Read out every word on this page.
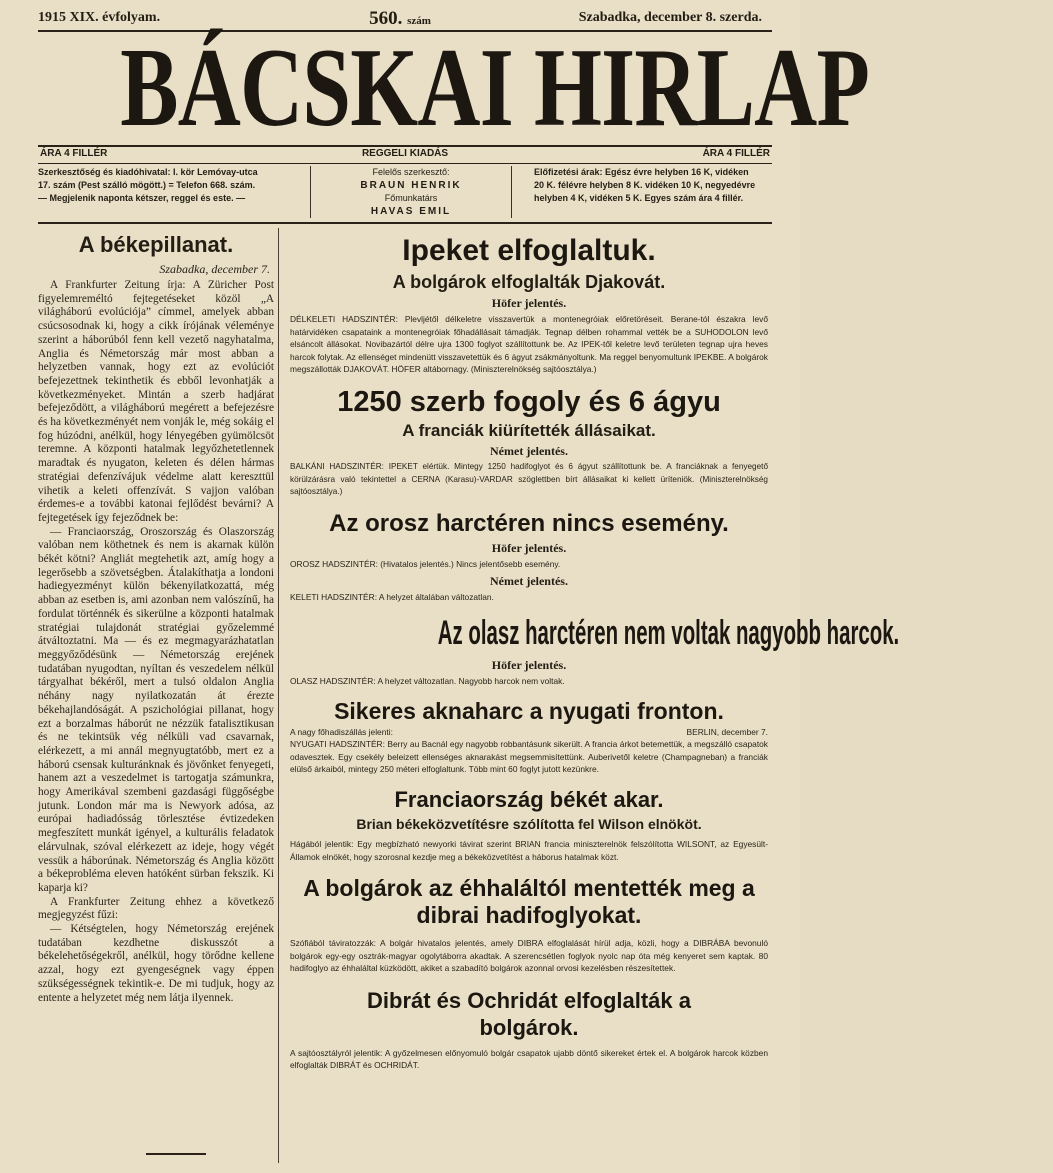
1915 XIX. évfolyam.	560. szám	Szabadka, december 8. szerda.
BÁCSKAI HIRLAP
ÁRA 4 FILLÉR	REGGELI KIADÁS	ÁRA 4 FILLÉR
Szerkesztőség és kiadóhivatal: I. kör Lemóvay-utca
17. szám (Pest szálló mögött.) = Telefon 668. szám.
— Megjelenik naponta kétszer, reggel és este. —
Felelős szerkesztő:
BRAUN HENRIK
Főmunkatárs
HAVAS EMIL
Előfizetési árak: Egész évre helyben 16 K, vidéken
20 K. félévre helyben 8 K. vidéken 10 K, negyedévre
helyben 4 K, vidéken 5 K. Egyes szám ára 4 fillér.
A békepillanat.
Szabadka, december 7.

A Frankfurter Zeitung írja: A Züricher Post figyelemreméltó fejtegetéseket közöl „A világháború evolúciója” címmel, amelyek abban csúcsosodnak ki, hogy a cikk írójának véleménye szerint a háborúból fenn kell vezető nagyhatalma, Anglia és Németország már most abban a helyzetben vannak, hogy ezt az evolúciót befejezettnek tekinthetik és ebből levonhatják a következményeket. Mintán a szerb hadjárat befejeződött, a világháború megérett a befejezésre és ha következményét nem vonják le, még sokáig el fog húzódni, anélkül, hogy lényegében gyümölcsöt teremne. A központi hatalmak legyőzhetetlennek maradtak és nyugaton, keleten és délen hármas stratégiai defenzívájuk védelme alatt kereszttül vihetik a keleti offenzívát. S vajjon valóban érdemes-e a további katonai fejlődést bevárni? A fejtegetések így fejeződnek be:

— Franciaország, Oroszország és Olaszország valóban nem köthetnek és nem is akarnak külön békét kötni? Angliát megtehetik azt, amíg hogy a legerősebb a szövetségben. Átalakíthatja a londoni hadiegyezményt külön békenyilatkozattá, még abban az esetben is, ami azonban nem valószínű, ha fordulat történnék és sikerülne a központi hatalmak stratégiai tulajdonát stratégiai győzelemmé átváltoztatni. Ma — és ez megmagyarázhatatlan meggyőződésünk — Németország erejének tudatában nyugodtan, nyíltan és veszedelem nélkül tárgyalhat békéről, mert a tulsó oldalon Anglia néhány nagy nyilatkozatán át érezte békehajlandóságát. A pszichológiai pillanat, hogy ezt a borzalmas háborút ne nézzük fatalisztikusan és ne tekintsük vég nélküli vad csavarnak, elérkezett, a mi annál megnyugtatóbb, mert ez a háború csensak kulturánknak és jövőnket fenyegeti, hanem azt a veszedelmet is tartogatja számunkra, hogy Amerikával szembeni gazdasági függőségbe jutunk. London már ma is Newyork adósa, az európai hadiadósság törlesztése évtizedeken megfeszített munkát igényel, a kulturális feladatok elárvulnak, szóval elérkezett az ideje, hogy végét vessük a háborúnak. Németország és Anglia között a békeprobléma eleven hatóként sürban fekszik. Ki kaparja ki?

A Frankfurter Zeitung ehhez a következő megjegyzést fűzi:

— Kétségtelen, hogy Németország erejének tudatában kezdhetne diskusszót a békelehetőségekről, anélkül, hogy törődne kellene azzal, hogy ezt gyengeségnek vagy éppen szükségességnek tekintik-e. De mi tudjuk, hogy az entente a helyzetet még nem látja ilyennek.

Ipeket elfoglaltuk.
A bolgárok elfoglalták Djakovát.
Höfer jelentés.
DÉLKELETI HADSZINTÉR: Plevljétől délkeletre visszavertük a montenegróiak előretöréseit. Berane-tól északra levő határvidéken csapataink a montenegróiak főhadállásait támadják. Tegnap délben rohammal vették be a SUHODOLON levő elsáncolt állásokat. Novibazártól délre ujra 1300 foglyot szállítottunk be. Az IPEK-től keletre levő területen tegnap ujra heves harcok folytak. Az ellenséget mindenütt visszavetettük és 6 ágyut zsákmányoltunk. Ma reggel benyomultunk IPEKBE. A bolgárok megszállották DJAKOVÁT. HÖFER altábornagy. (Miniszterelnökség sajtóosztálya.)
1250 szerb fogoly és 6 ágyu
A franciák kiürítették állásaikat.
Német jelentés.
BALKÁNI HADSZINTÉR: IPEKET elértük. Mintegy 1250 hadifoglyot és 6 ágyut szállítottunk be. A franciáknak a fenyegető körülzárásra való tekintettel a CERNA (Karasu)-VARDAR szöglettben bírt állásaikat ki kellett üríteniök. (Miniszterelnökség sajtóosztálya.)
Az orosz harctéren nincs esemény.
Höfer jelentés.
OROSZ HADSZINTÉR: (Hivatalos jelentés.) Nincs jelentősebb esemény.
Német jelentés.
KELETI HADSZINTÉR: A helyzet általában változatlan.
Az olasz harctéren nem voltak nagyobb harcok.
Höfer jelentés.
OLASZ HADSZINTÉR: A helyzet változatlan. Nagyobb harcok nem voltak.
Sikeres aknaharc a nyugati fronton.
A nagy főhadiszállás jelenti:	BERLIN, december 7.
NYUGATI HADSZINTÉR: Berry au Bacnál egy nagyobb robbantásunk sikerült. A francia árkot betemettük, a megszálló csapatok odavesztek. Egy csekély beleizett ellenséges aknarakást megsemmisítettünk. Auberivetől keletre (Champagneban) a franciák elülső árkaiból, mintegy 250 méteri elfoglaltunk. Több mint 60 foglyt jutott kezünkre.
Franciaország békét akar.
Brian békeközvetítésre szólította fel Wilson elnököt.
Hágából jelentik: Egy megbízható newyorki távirat szerint BRIAN francia miniszterelnök felszólította WILSONT, az Egyesült-Államok elnökét, hogy szorosnal kezdje meg a békeközvetítést a háborus hatalmak közt.
A bolgárok az éhhaláltól mentették meg a dibrai hadifoglyokat.
Szófiából táviratozzák: A bolgár hivatalos jelentés, amely DIBRA elfoglalását hírül adja, közli, hogy a DIBRÁBA bevonuló bolgárok egy-egy osztrák-magyar ogolytáborra akadtak. A szerencsétlen foglyok nyolc nap óta még kenyeret sem kaptak. 80 hadifoglyo az éhhaláltal küzködött, akiket a szabadító bolgárok azonnal orvosi kezelésben részesítettek.
Dibrát és Ochridát elfoglalták a bolgárok.
A sajtóosztályról jelentik: A győzelmesen előnyomuló bolgár csapatok ujabb döntő sikereket értek el. A bolgárok harcok közben elfoglalták DIBRÁT és OCHRIDÁT.
